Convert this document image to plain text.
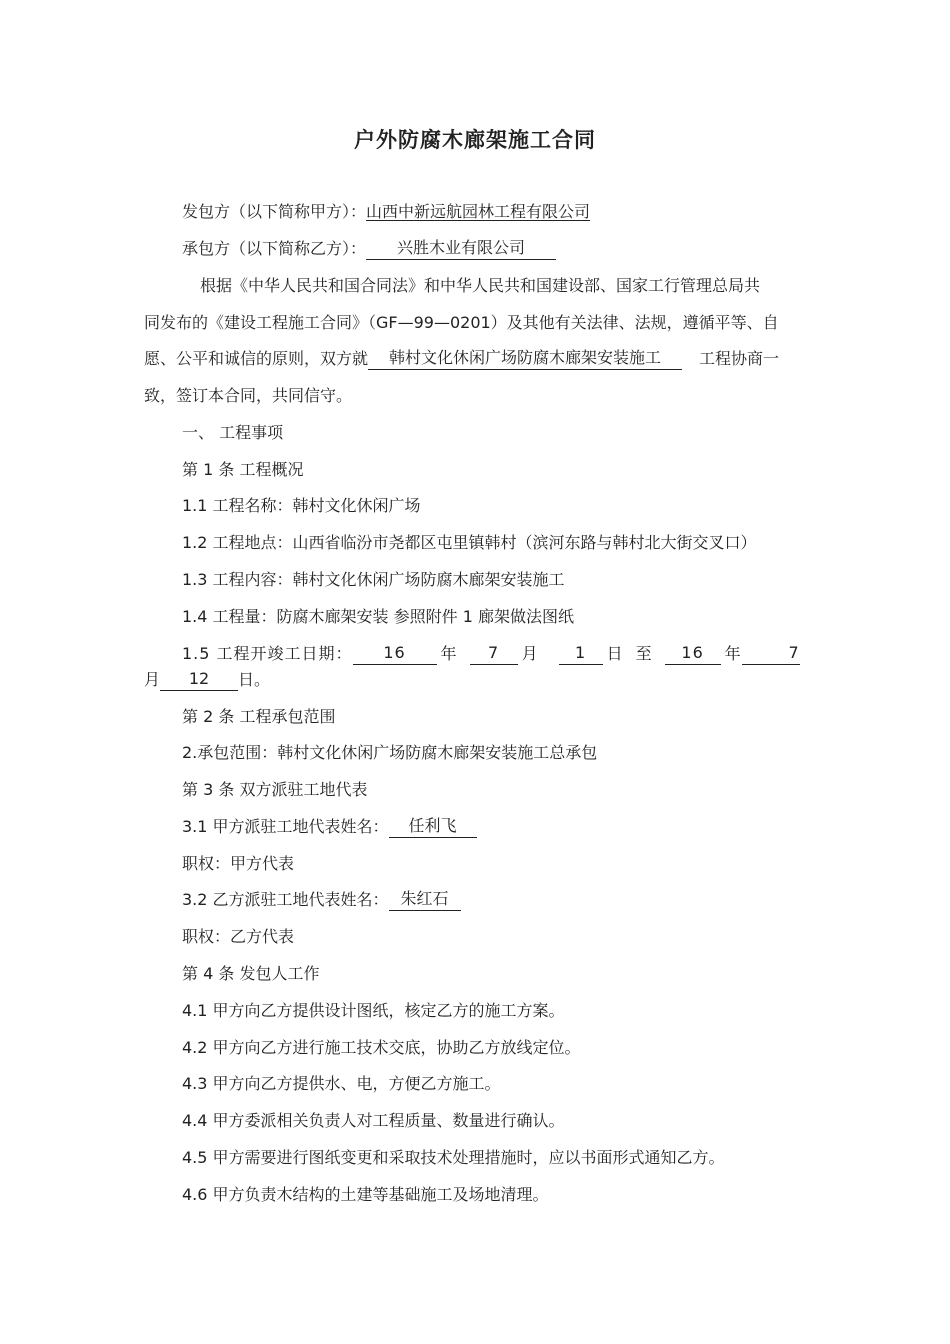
户外防腐木廊架施工合同
发包方（以下简称甲方）：山西中新远航园林工程有限公司
承包方（以下简称乙方）： 兴胜木业有限公司
根据《中华人民共和国合同法》和中华人民共和国建设部、国家工行管理总局共
同发布的《建设工程施工合同》（GF—99—0201）及其他有关法律、法规，遵循平等、自
愿、公平和诚信的原则，双方就 韩村文化休闲广场防腐木廊架安装施工 工程协商一
致，签订本合同，共同信守。
一、 工程事项
第 1 条 工程概况
1.1 工程名称：韩村文化休闲广场
1.2 工程地点：山西省临汾市尧都区屯里镇韩村（滨河东路与韩村北大街交叉口）
1.3 工程内容：韩村文化休闲广场防腐木廊架安装施工
1.4 工程量：防腐木廊架安装 参照附件 1 廊架做法图纸
1.5 工程开竣工日期： 16 年 7 月 1 日 至 16 年	7
月 12 日。
第 2 条 工程承包范围
2.承包范围：韩村文化休闲广场防腐木廊架安装施工总承包
第 3 条 双方派驻工地代表
3.1 甲方派驻工地代表姓名： 任利飞
职权：甲方代表
3.2 乙方派驻工地代表姓名： 朱红石
职权：乙方代表
第 4 条 发包人工作
4.1 甲方向乙方提供设计图纸，核定乙方的施工方案。
4.2 甲方向乙方进行施工技术交底，协助乙方放线定位。
4.3 甲方向乙方提供水、电，方便乙方施工。
4.4 甲方委派相关负责人对工程质量、数量进行确认。
4.5 甲方需要进行图纸变更和采取技术处理措施时，应以书面形式通知乙方。
4.6 甲方负责木结构的土建等基础施工及场地清理。
